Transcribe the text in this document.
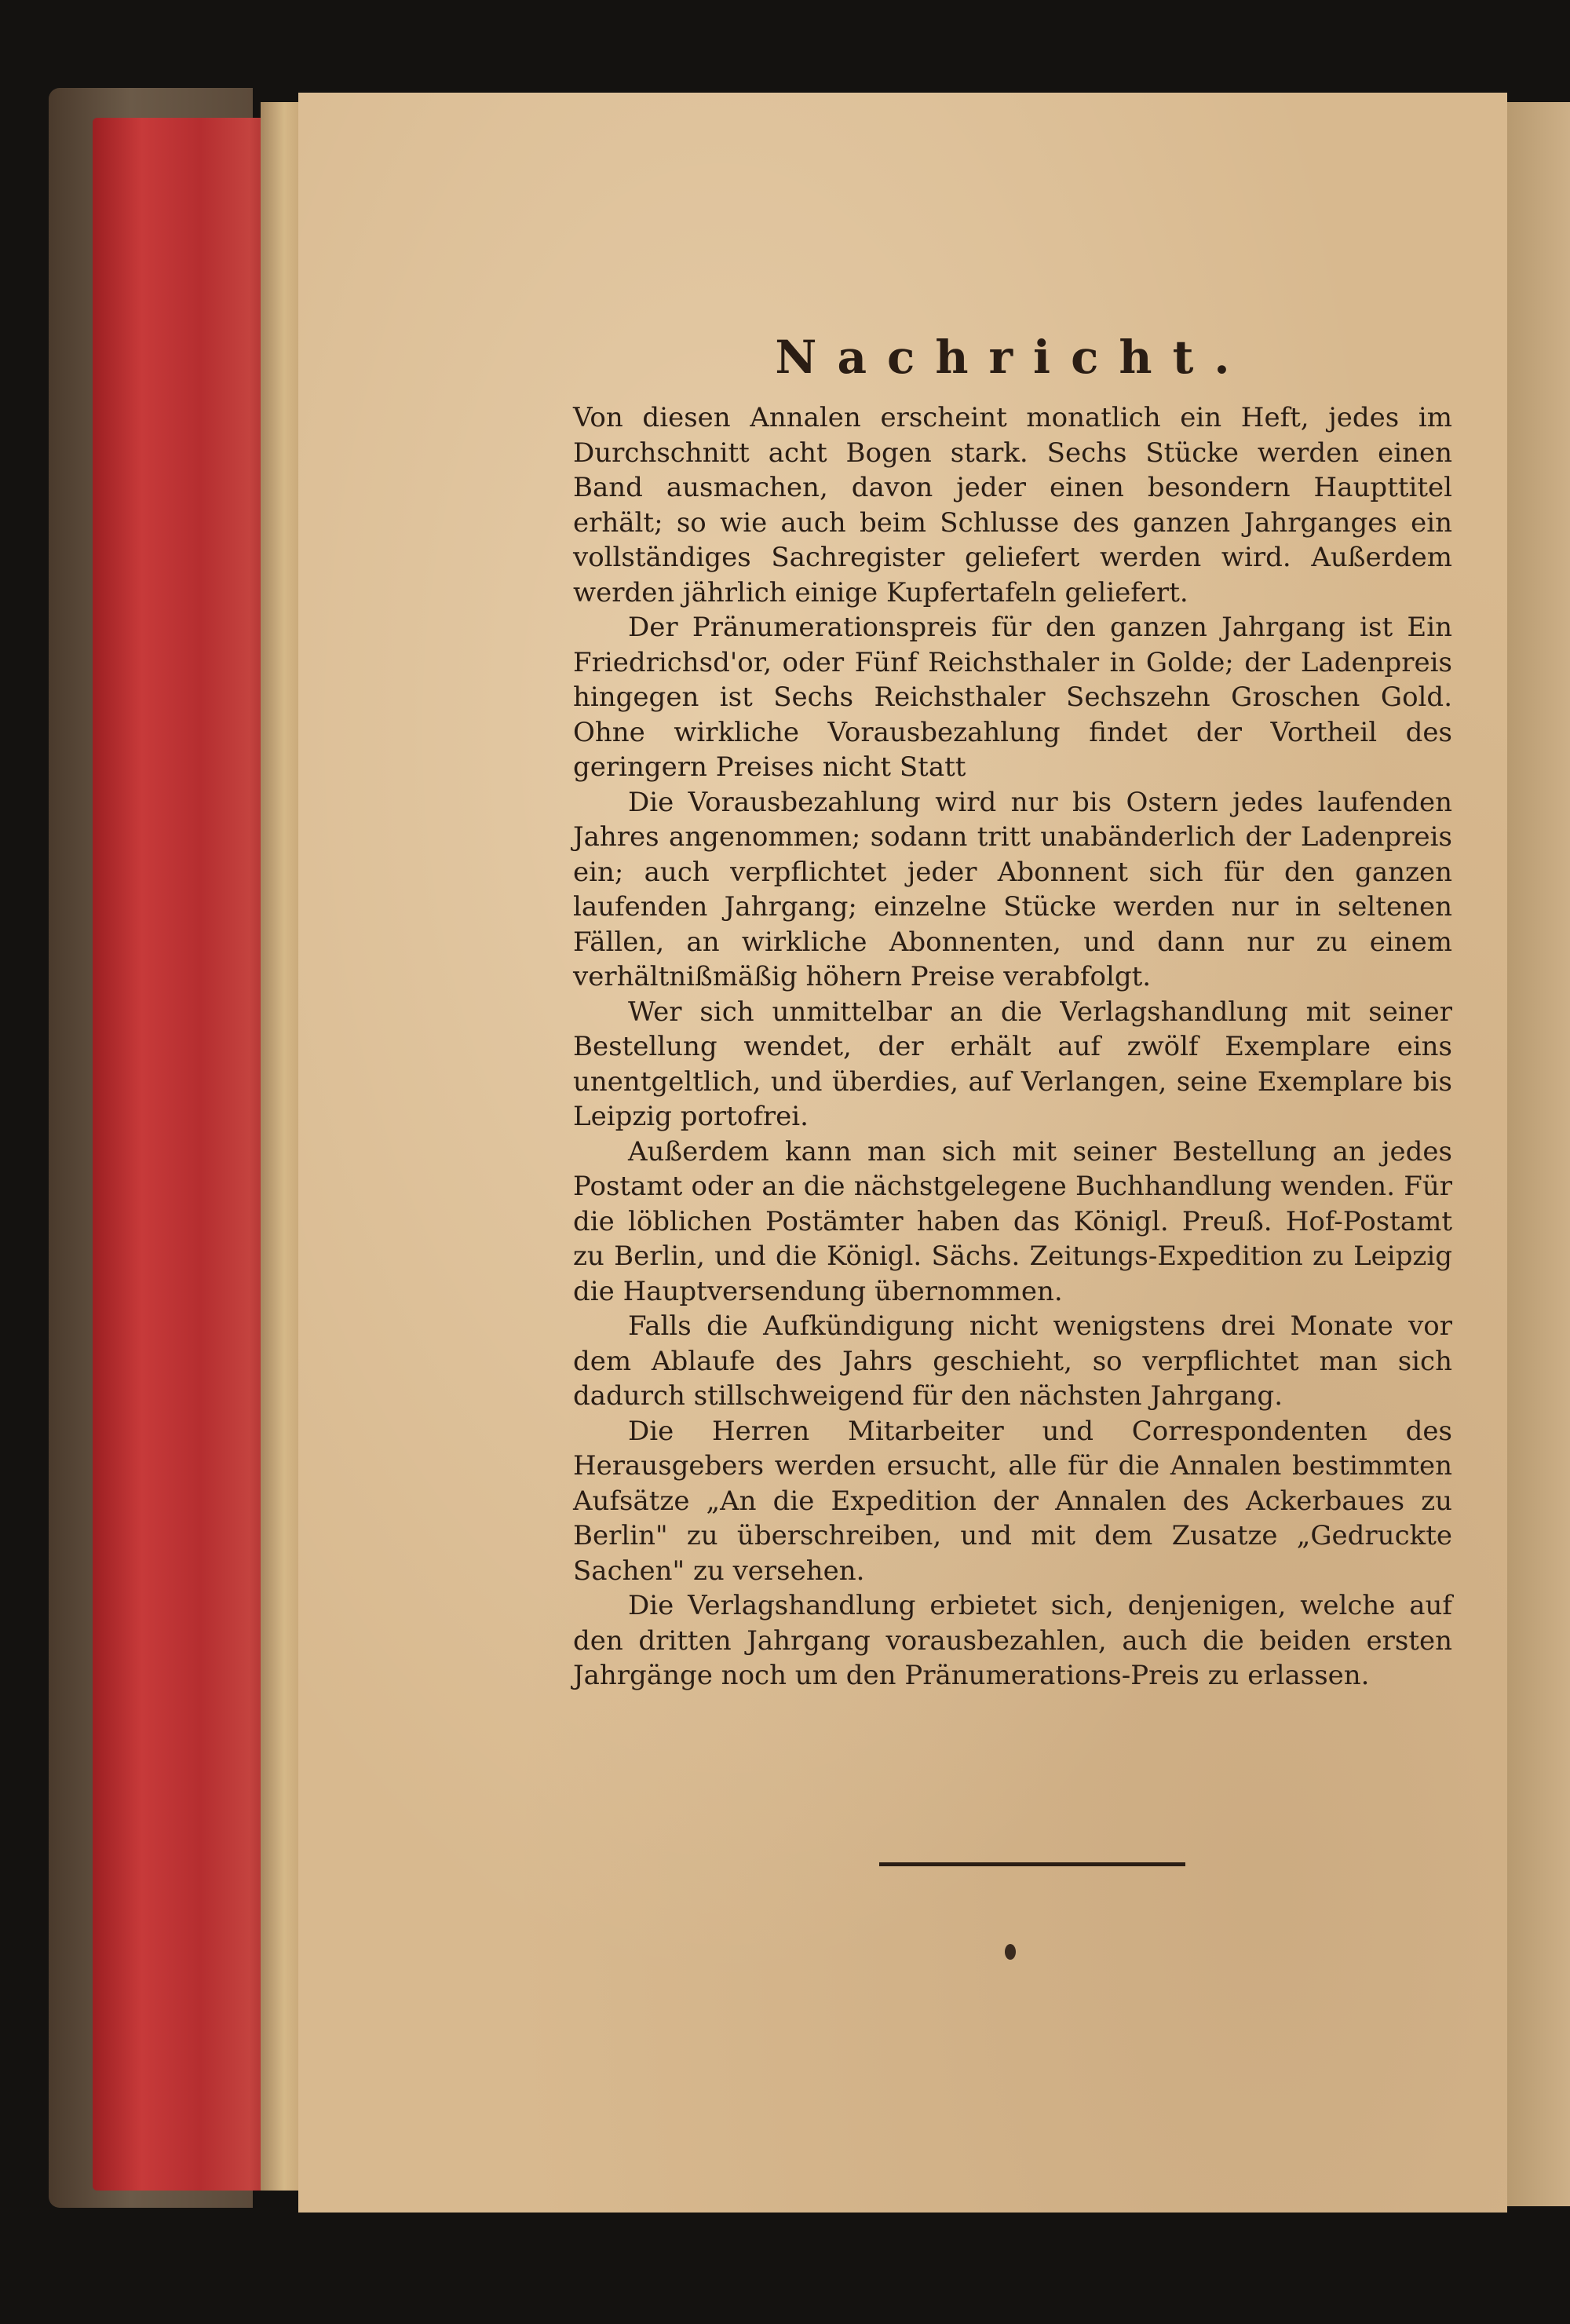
Nachricht.

Von diesen Annalen erscheint monatlich ein Heft, jedes im Durchschnitt acht Bogen stark. Sechs Stücke werden einen Band ausmachen, davon jeder einen besondern Haupttitel erhält; so wie auch beim Schlusse des ganzen Jahrganges ein vollständiges Sachregister geliefert werden wird. Außerdem werden jährlich einige Kupfertafeln geliefert.

Der Pränumerationspreis für den ganzen Jahrgang ist Ein Friedrichsd'or, oder Fünf Reichsthaler in Golde; der Ladenpreis hingegen ist Sechs Reichsthaler Sechszehn Groschen Gold. Ohne wirkliche Vorausbezahlung findet der Vortheil des geringern Preises nicht Statt

Die Vorausbezahlung wird nur bis Ostern jedes laufenden Jahres angenommen; sodann tritt unabänderlich der Ladenpreis ein; auch verpflichtet jeder Abonnent sich für den ganzen laufenden Jahrgang; einzelne Stücke werden nur in seltenen Fällen, an wirkliche Abonnenten, und dann nur zu einem verhältnißmäßig höhern Preise verabfolgt.

Wer sich unmittelbar an die Verlagshandlung mit seiner Bestellung wendet, der erhält auf zwölf Exemplare eins unentgeltlich, und überdies, auf Verlangen, seine Exemplare bis Leipzig portofrei.

Außerdem kann man sich mit seiner Bestellung an jedes Postamt oder an die nächstgelegene Buchhandlung wenden. Für die löblichen Postämter haben das Königl. Preuß. Hof-Postamt zu Berlin, und die Königl. Sächs. Zeitungs-Expedition zu Leipzig die Hauptversendung übernommen.

Falls die Aufkündigung nicht wenigstens drei Monate vor dem Ablaufe des Jahrs geschieht, so verpflichtet man sich dadurch stillschweigend für den nächsten Jahrgang.

Die Herren Mitarbeiter und Correspondenten des Herausgebers werden ersucht, alle für die Annalen bestimmten Aufsätze „An die Expedition der Annalen des Ackerbaues zu Berlin" zu überschreiben, und mit dem Zusatze „Gedruckte Sachen" zu versehen.

Die Verlagshandlung erbietet sich, denjenigen, welche auf den dritten Jahrgang vorausbezahlen, auch die beiden ersten Jahrgänge noch um den Pränumerations-Preis zu erlassen.
